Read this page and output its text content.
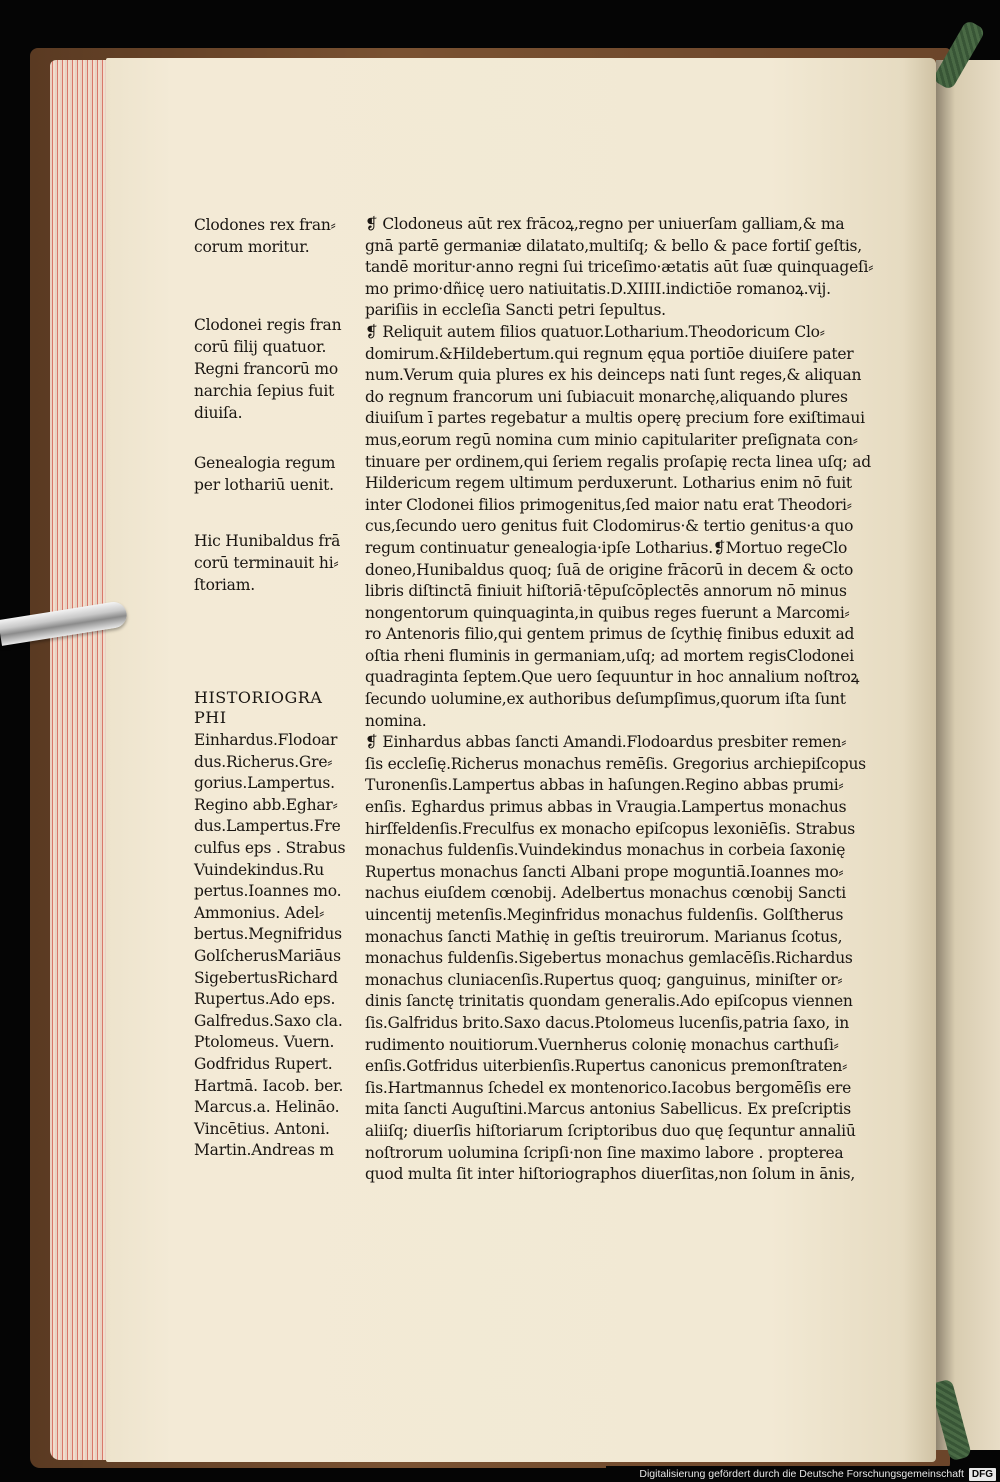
Clodones rex fran⸗
corum moritur.
Clodonei regis fran
corū filij quatuor.
Regni francorū mo
narchia ſepius fuit
diuiſa.
Genealogia regum
per lothariū uenit.
Hic Hunibaldus frā
corū terminauit hi⸗
ſtoriam.
HISTORIOGRA
PHI
Einhardus.Flodoar
dus.Richerus.Gre⸗
gorius.Lampertus.
Regino abb.Eghar⸗
dus.Lampertus.Fre
culfus eps . Strabus
Vuindekindus.Ru
pertus.Ioannes mo.
Ammonius. Adel⸗
bertus.Megnifridus
GolſcherusMariāus
SigebertusRichard
Rupertus.Ado eps.
Galfredus.Saxo cla.
Ptolomeus. Vuern.
Godfridus Rupert.
Hartmā. Iacob. ber.
Marcus.a. Helināo.
Vincētius. Antoni.
Martin.Andreas m

❡ Clodoneus aūt rex frācoꝝ,regno per uniuerſam galliam,& ma
gnā partē germaniæ dilatato,multiſq; & bello & pace fortiſ geſtis,
tandē moritur·anno regni ſui triceſimo·ætatis aūt ſuæ quinquageſi⸗
mo primo·dñicę uero natiuitatis.D.XIIII.indictiōe romanoꝝ.vij.
pariſiis in eccleſia Sancti petri ſepultus.

❡ Reliquit autem filios quatuor.Lotharium.Theodoricum Clo⸗
domirum.&Hildebertum.qui regnum ęqua portiōe diuiſere pater
num.Verum quia plures ex his deinceps nati ſunt reges,& aliquan
do regnum francorum uni ſubiacuit monarchę,aliquando plures
diuiſum ī partes regebatur a multis operę precium fore exiſtimaui
mus,eorum regū nomina cum minio capitulariter preſignata con⸗
tinuare per ordinem,qui ſeriem regalis proſapię recta linea uſq; ad
Hildericum regem ultimum perduxerunt. Lotharius enim nō fuit
inter Clodonei filios primogenitus,ſed maior natu erat Theodori⸗
cus,ſecundo uero genitus fuit Clodomirus·& tertio genitus·a quo
regum continuatur genealogia·ipſe Lotharius.❡Mortuo regeClo
doneo,Hunibaldus quoq; ſuā de origine frācorū in decem & octo
libris diſtinctā finiuit hiſtoriā·tēpuſcōplectēs annorum nō minus
nongentorum quinquaginta,in quibus reges fuerunt a Marcomi⸗
ro Antenoris filio,qui gentem primus de ſcythię finibus eduxit ad
oſtia rheni fluminis in germaniam,uſq; ad mortem regisClodonei
quadraginta ſeptem.Que uero ſequuntur in hoc annalium noſtroꝝ
ſecundo uolumine,ex authoribus deſumpſimus,quorum iſta ſunt
nomina.

❡ Einhardus abbas ſancti Amandi.Flodoardus presbiter remen⸗
ſis eccleſię.Richerus monachus remēſis. Gregorius archiepiſcopus
Turonenſis.Lampertus abbas in haſungen.Regino abbas prumi⸗
enſis. Eghardus primus abbas in Vraugia.Lampertus monachus
hirſfeldenſis.Freculfus ex monacho epiſcopus lexoniēſis. Strabus
monachus fuldenſis.Vuindekindus monachus in corbeia ſaxonię
Rupertus monachus ſancti Albani prope moguntiā.Ioannes mo⸗
nachus eiuſdem cœnobij. Adelbertus monachus cœnobij Sancti
uincentij metenſis.Meginfridus monachus fuldenſis. Golſtherus
monachus ſancti Mathię in geſtis treuirorum. Marianus ſcotus,
monachus fuldenſis.Sigebertus monachus gemlacēſis.Richardus
monachus cluniacenſis.Rupertus quoq; ganguinus, miniſter or⸗
dinis ſanctę trinitatis quondam generalis.Ado epiſcopus viennen
ſis.Galfridus brito.Saxo dacus.Ptolomeus lucenſis,patria ſaxo, in
rudimento nouitiorum.Vuernherus colonię monachus carthuſi⸗
enſis.Gotfridus uiterbienſis.Rupertus canonicus premonſtraten⸗
ſis.Hartmannus ſchedel ex montenorico.Iacobus bergomēſis ere
mita ſancti Auguſtini.Marcus antonius Sabellicus. Ex preſcriptis
aliiſq; diuerſis hiſtoriarum ſcriptoribus duo quę ſequntur annaliū
noſtrorum uolumina ſcripſi·non ſine maximo labore . propterea
quod multa ſit inter hiſtoriographos diuerſitas,non ſolum in ānis,

Digitalisierung gefördert durch die Deutsche Forschungsgemeinschaft DFG
